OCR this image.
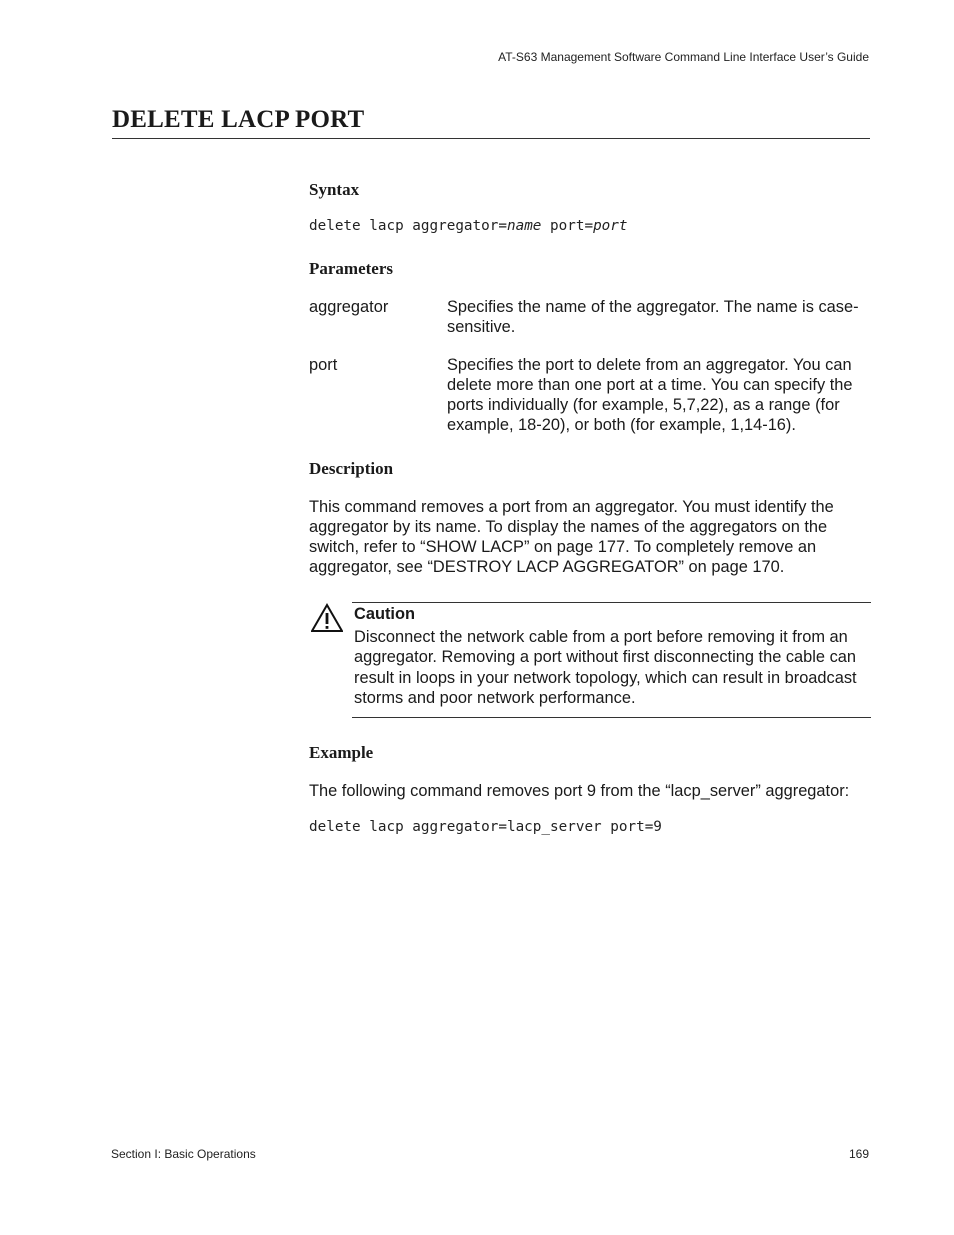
AT-S63 Management Software Command Line Interface User’s Guide
DELETE LACP PORT
Syntax
delete lacp aggregator=name port=port
Parameters
aggregator	Specifies the name of the aggregator. The name is case-sensitive.
port	Specifies the port to delete from an aggregator. You can delete more than one port at a time. You can specify the ports individually (for example, 5,7,22), as a range (for example, 18-20), or both (for example, 1,14-16).
Description
This command removes a port from an aggregator. You must identify the aggregator by its name. To display the names of the aggregators on the switch, refer to “SHOW LACP” on page 177. To completely remove an aggregator, see “DESTROY LACP AGGREGATOR” on page 170.
Caution
Disconnect the network cable from a port before removing it from an aggregator. Removing a port without first disconnecting the cable can result in loops in your network topology, which can result in broadcast storms and poor network performance.
Example
The following command removes port 9 from the “lacp_server” aggregator:
delete lacp aggregator=lacp_server port=9
Section I: Basic Operations	169
